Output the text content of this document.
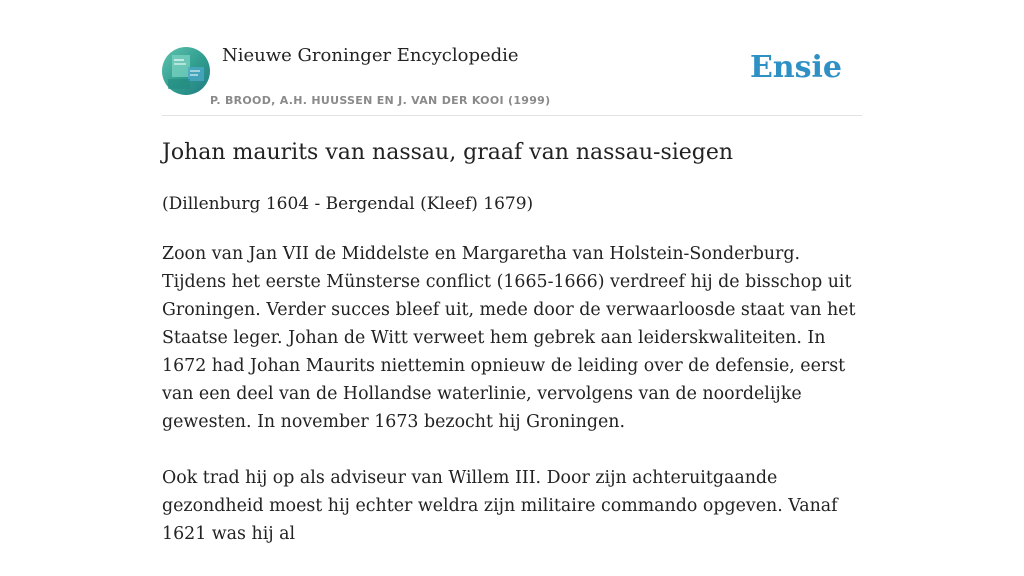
Nieuwe Groninger Encyclopedie
P. BROOD, A.H. HUUSSEN EN J. VAN DER KOOI (1999)
Ensie
Johan maurits van nassau, graaf van nassau-siegen

(Dillenburg 1604 - Bergendal (Kleef) 1679)

Zoon van Jan VII de Middelste en Margaretha van Holstein-Sonderburg. Tijdens het eerste Münsterse conflict (1665-1666) verdreef hij de bisschop uit Groningen. Verder succes bleef uit, mede door de verwaarloosde staat van het Staatse leger. Johan de Witt verweet hem gebrek aan leiderskwaliteiten. In 1672 had Johan Maurits niettemin opnieuw de leiding over de defensie, eerst van een deel van de Hollandse waterlinie, vervolgens van de noordelijke gewesten. In november 1673 bezocht hij Groningen.

Ook trad hij op als adviseur van Willem III. Door zijn achteruitgaande gezondheid moest hij echter weldra zijn militaire commando opgeven. Vanaf 1621 was hij al
